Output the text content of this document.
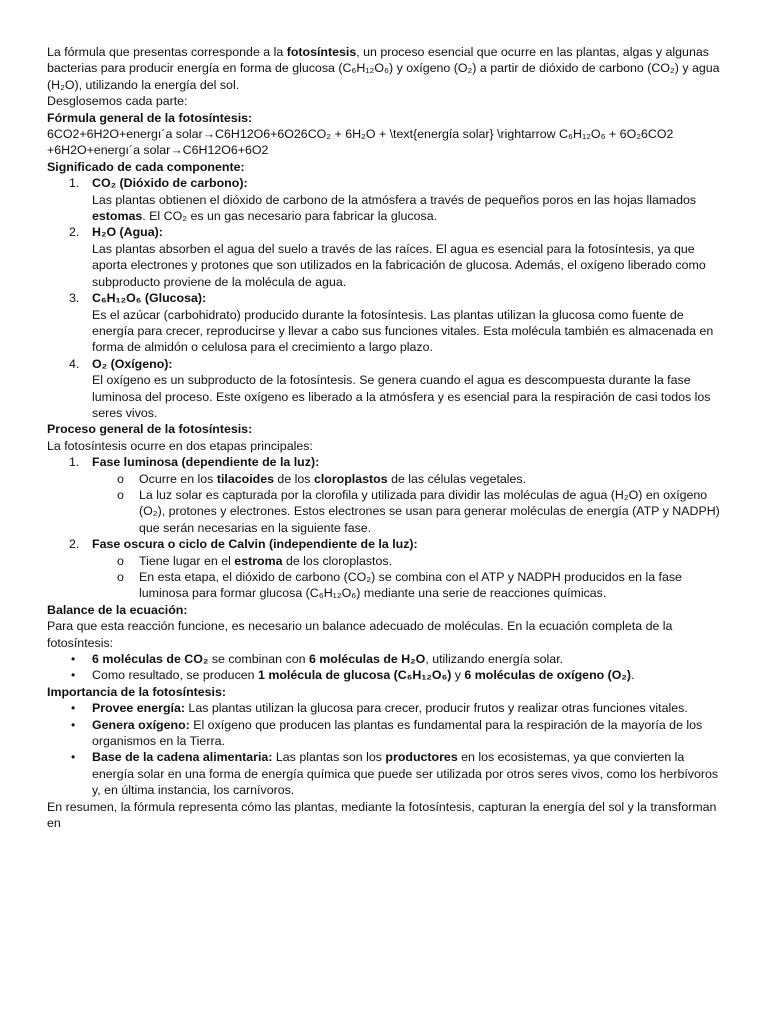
La fórmula que presentas corresponde a la fotosíntesis, un proceso esencial que ocurre en las plantas, algas y algunas bacterias para producir energía en forma de glucosa (C₆H₁₂O₆) y oxígeno (O₂) a partir de dióxido de carbono (CO₂) y agua (H₂O), utilizando la energía del sol.

Desglosemos cada parte:

Fórmula general de la fotosíntesis:

6CO2+6H2O+energı´a solar→C6H12O6+6O26CO₂ + 6H₂O + \text{energía solar} \rightarrow C₆H₁₂O₆ + 6O₂6CO2

+6H2O+energı´a solar→C6H12O6+6O2

Significado de cada componente:

1. CO₂ (Dióxido de carbono):
Las plantas obtienen el dióxido de carbono de la atmósfera a través de pequeños poros en las hojas llamados estomas. El CO₂ es un gas necesario para fabricar la glucosa.
2. H₂O (Agua):
Las plantas absorben el agua del suelo a través de las raíces. El agua es esencial para la fotosíntesis, ya que aporta electrones y protones que son utilizados en la fabricación de glucosa. Además, el oxígeno liberado como subproducto proviene de la molécula de agua.
3. C₆H₁₂O₆ (Glucosa):
Es el azúcar (carbohidrato) producido durante la fotosíntesis. Las plantas utilizan la glucosa como fuente de energía para crecer, reproducirse y llevar a cabo sus funciones vitales. Esta molécula también es almacenada en forma de almidón o celulosa para el crecimiento a largo plazo.
4. O₂ (Oxígeno):
El oxígeno es un subproducto de la fotosíntesis. Se genera cuando el agua es descompuesta durante la fase luminosa del proceso. Este oxígeno es liberado a la atmósfera y es esencial para la respiración de casi todos los seres vivos.

Proceso general de la fotosíntesis:

La fotosíntesis ocurre en dos etapas principales:

1. Fase luminosa (dependiente de la luz):
o Ocurre en los tilacoides de los cloroplastos de las células vegetales.
o La luz solar es capturada por la clorofila y utilizada para dividir las moléculas de agua (H₂O) en oxígeno (O₂), protones y electrones. Estos electrones se usan para generar moléculas de energía (ATP y NADPH) que serán necesarias en la siguiente fase.
2. Fase oscura o ciclo de Calvin (independiente de la luz):
o Tiene lugar en el estroma de los cloroplastos.
o En esta etapa, el dióxido de carbono (CO₂) se combina con el ATP y NADPH producidos en la fase luminosa para formar glucosa (C₆H₁₂O₆) mediante una serie de reacciones químicas.

Balance de la ecuación:

Para que esta reacción funcione, es necesario un balance adecuado de moléculas. En la ecuación completa de la fotosíntesis:

• 6 moléculas de CO₂ se combinan con 6 moléculas de H₂O, utilizando energía solar.
• Como resultado, se producen 1 molécula de glucosa (C₆H₁₂O₆) y 6 moléculas de oxígeno (O₂).

Importancia de la fotosíntesis:

• Provee energía: Las plantas utilizan la glucosa para crecer, producir frutos y realizar otras funciones vitales.
• Genera oxígeno: El oxígeno que producen las plantas es fundamental para la respiración de la mayoría de los organismos en la Tierra.
• Base de la cadena alimentaria: Las plantas son los productores en los ecosistemas, ya que convierten la energía solar en una forma de energía química que puede ser utilizada por otros seres vivos, como los herbívoros y, en última instancia, los carnívoros.

En resumen, la fórmula representa cómo las plantas, mediante la fotosíntesis, capturan la energía del sol y la transforman en
